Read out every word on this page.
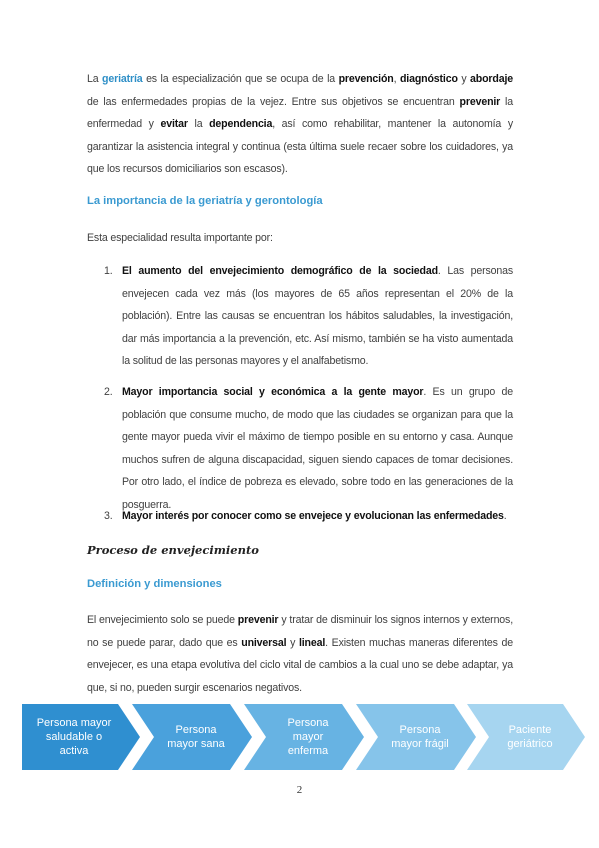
La geriatría es la especialización que se ocupa de la prevención, diagnóstico y abordaje de las enfermedades propias de la vejez. Entre sus objetivos se encuentran prevenir la enfermedad y evitar la dependencia, así como rehabilitar, mantener la autonomía y garantizar la asistencia integral y continua (esta última suele recaer sobre los cuidadores, ya que los recursos domiciliarios son escasos).

La importancia de la geriatría y gerontología

Esta especialidad resulta importante por:

1. El aumento del envejecimiento demográfico de la sociedad. Las personas envejecen cada vez más (los mayores de 65 años representan el 20% de la población). Entre las causas se encuentran los hábitos saludables, la investigación, dar más importancia a la prevención, etc. Así mismo, también se ha visto aumentada la solitud de las personas mayores y el analfabetismo.
2. Mayor importancia social y económica a la gente mayor. Es un grupo de población que consume mucho, de modo que las ciudades se organizan para que la gente mayor pueda vivir el máximo de tiempo posible en su entorno y casa. Aunque muchos sufren de alguna discapacidad, siguen siendo capaces de tomar decisiones. Por otro lado, el índice de pobreza es elevado, sobre todo en las generaciones de la posguerra.
3. Mayor interés por conocer como se envejece y evolucionan las enfermedades.
Proceso de envejecimiento
Definición y dimensiones

El envejecimiento solo se puede prevenir y tratar de disminuir los signos internos y externos, no se puede parar, dado que es universal y lineal. Existen muchas maneras diferentes de envejecer, es una etapa evolutiva del ciclo vital de cambios a la cual uno se debe adaptar, ya que, si no, pueden surgir escenarios negativos.

Persona mayor saludable o activa
Persona mayor sana
Persona mayor enferma
Persona mayor frágil
Paciente geriátrico
2
